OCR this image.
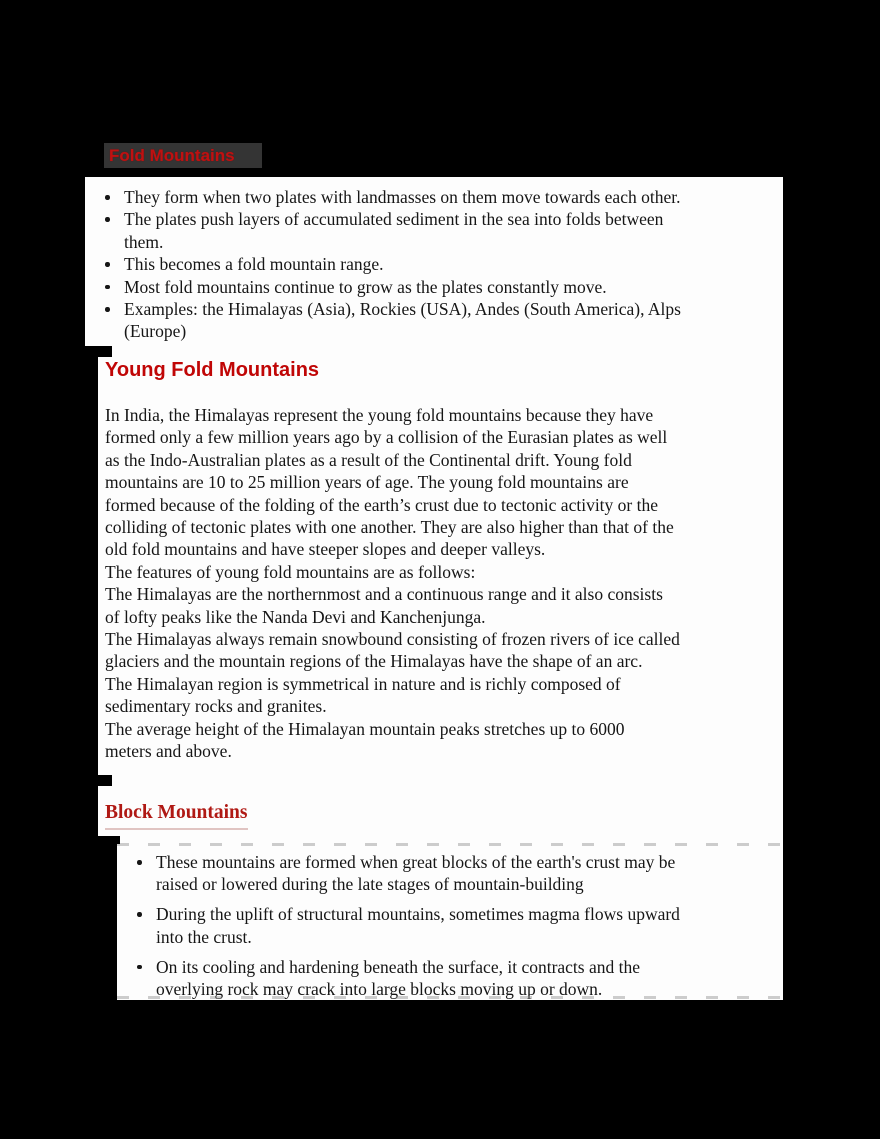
Fold Mountains
They form when two plates with landmasses on them move towards each other.
The plates push layers of accumulated sediment in the sea into folds between
them.
This becomes a fold mountain range.
Most fold mountains continue to grow as the plates constantly move.
Examples: the Himalayas (Asia), Rockies (USA), Andes (South America), Alps
(Europe)
Young Fold Mountains
In India, the Himalayas represent the young fold mountains because they have
formed only a few million years ago by a collision of the Eurasian plates as well
as the Indo-Australian plates as a result of the Continental drift. Young fold
mountains are 10 to 25 million years of age. The young fold mountains are
formed because of the folding of the earth’s crust due to tectonic activity or the
colliding of tectonic plates with one another. They are also higher than that of the
old fold mountains and have steeper slopes and deeper valleys.
The features of young fold mountains are as follows:
The Himalayas are the northernmost and a continuous range and it also consists
of lofty peaks like the Nanda Devi and Kanchenjunga.
The Himalayas always remain snowbound consisting of frozen rivers of ice called
glaciers and the mountain regions of the Himalayas have the shape of an arc.
The Himalayan region is symmetrical in nature and is richly composed of
sedimentary rocks and granites.
The average height of the Himalayan mountain peaks stretches up to 6000
meters and above.
Block Mountains
These mountains are formed when great blocks of the earth's crust may be
raised or lowered during the late stages of mountain-building
During the uplift of structural mountains, sometimes magma flows upward
into the crust.
On its cooling and hardening beneath the surface, it contracts and the
overlying rock may crack into large blocks moving up or down.
